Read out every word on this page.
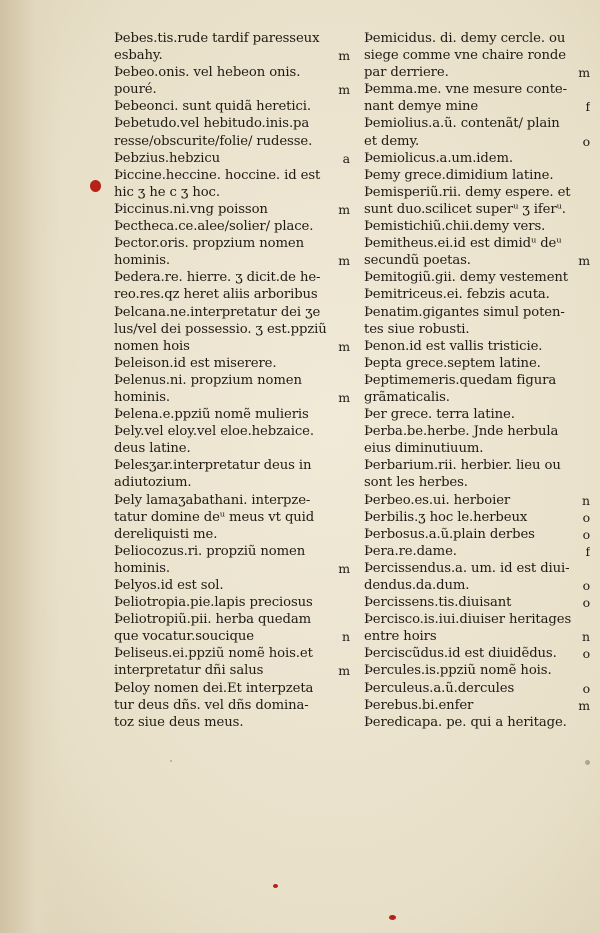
Þebes.tis.rude tardif paresseux
esbahy.	m
Þebeo.onis. vel hebeon onis.
pouré.	m
Þebeonci. sunt quidã heretici.
Þebetudo.vel hebitudo.inis.pa
resse/obscurite/folie/ rudesse.
Þebzius.hebzicu	a
Þiccine.heccine. hoccine. id est
hic ʒ he c ʒ hoc.
Þiccinus.ni.vng poisson	m
Þectheca.ce.alee/solier/ place.
Þector.oris. propzium nomen
hominis.	m
Þedera.re. hierre. ʒ dicit.de he-
reo.res.qz heret aliis arboribus
Þelcana.ne.interpretatur dei ʒe
lus/vel dei possessio. ʒ est.ppziũ
nomen hois	m
Þeleison.id est miserere.
Þelenus.ni. propzium nomen
hominis.	m
Þelena.e.ppziũ nomẽ mulieris
Þely.vel eloy.vel eloe.hebzaice.
deus latine.
Þelesʒar.interpretatur deus in
adiutozium.
Þely lamaʒabathani. interpze-
tatur domine deᵘ meus vt quid
dereliquisti me.
Þeliocozus.ri. propziũ nomen
hominis.	m
Þelyos.id est sol.
Þeliotropia.pie.lapis preciosus
Þeliotropiũ.pii. herba quedam
que vocatur.soucique	n
Þeliseus.ei.ppziũ nomẽ hois.et
interpretatur dñi salus	m
Þeloy nomen dei.Et interpzeta
tur deus dñs. vel dñs domina-
toz siue deus meus.
Þemicidus. di. demy cercle. ou
siege comme vne chaire ronde
par derriere.	m
Þemma.me. vne mesure conte-
nant demye mine	f
Þemiolius.a.ũ. contenãt/ plain
et demy.	o
Þemiolicus.a.um.idem.
Þemy grece.dimidium latine.
Þemisperiũ.rii. demy espere. et
sunt duo.scilicet superᵘ ʒ iferᵘ.
Þemistichiũ.chii.demy vers.
Þemitheus.ei.id est dimidᵘ deᵘ
secundũ poetas.	m
Þemitogiũ.gii. demy vestement
Þemitriceus.ei. febzis acuta.
Þenatim.gigantes simul poten-
tes siue robusti.
Þenon.id est vallis tristicie.
Þepta grece.septem latine.
Þeptimemeris.quedam figura
grãmaticalis.
Þer grece. terra latine.
Þerba.be.herbe. Jnde herbula
eius diminutiuum.
Þerbarium.rii. herbier. lieu ou
sont les herbes.
Þerbeo.es.ui. herboier	n
Þerbilis.ʒ hoc le.herbeux	o
Þerbosus.a.ũ.plain derbes	o
Þera.re.dame.	f
Þercissendus.a. um. id est diui-
dendus.da.dum.	o
Þercissens.tis.diuisant	o
Þercisco.is.iui.diuiser heritages
entre hoirs	n
Þerciscũdus.id est diuidẽdus.	o
Þercules.is.ppziũ nomẽ hois.
Þerculeus.a.ũ.dercules	o
Þerebus.bi.enfer	m
Þeredicapa. pe. qui a heritage.
